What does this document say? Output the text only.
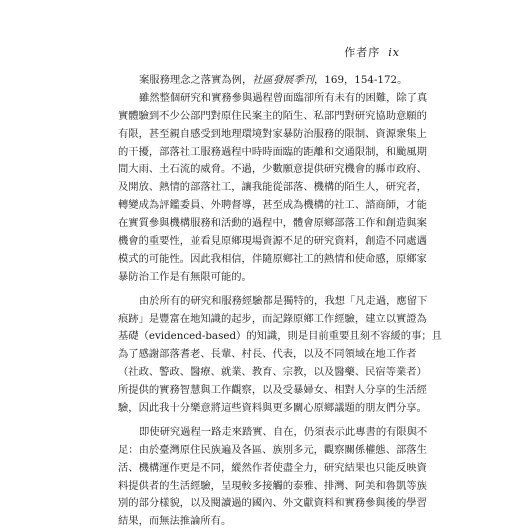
作者序 ix
案服務理念之落實為例，社區發展季刊，169，154-172。
雖然整個研究和實務參與過程曾面臨卻所有未有的困難，除了真
實體驗到不少公部門對原住民案主的陌生、私部門對研究協助意願的
有限，甚至親自感受到地理環境對家暴防治服務的限制、資源衆集上
的干擾，部落社工服務過程中時時面臨的距離和交通限制，和颱風期
間大雨、土石流的威脅。不過，少數願意提供研究機會的縣市政府、
及開放、熱情的部落社工，讓我能從部落、機構的陌生人，研究者，
轉變成為評鑑委員、外聘督導，甚至成為機構的社工、諮商師，才能
在實質參與機構服務和活動的過程中，體會原鄉部落工作和創造與案
機會的重要性，並看見原鄉現場資源不足的研究資料，創造不同處遇
模式的可能性。因此我相信，伴隨原鄉社工的熱情和使命感，原鄉家
暴防治工作是有無限可能的。
由於所有的研究和服務經驗都是獨特的，我想「凡走過，應留下
痕跡」是豐富在地知識的起步，而記錄原鄉工作經驗，建立以實證為
基礎（evidenced-based）的知識，則是目前重要且刻不容緩的事；且
為了感謝部落耆老、長輩、村長、代表，以及不同領域在地工作者
（社政、警政、醫療、就業、教育、宗教，以及醫藥、民宿等業者）
所提供的實務智慧與工作觀察，以及受暴婦女、相對人分享的生活經
驗，因此我十分樂意將這些資料與更多關心原鄉議題的朋友們分享。
即使研究過程一路走來踏實、自在，仍須表示此專書的有限與不
足：由於臺灣原住民族遍及各區、族別多元，觀察關係權態、部落生
活、機構運作更是不同，縱然作者使盡全力，研究結果也只能反映資
料提供者的生活經驗，呈現較多接觸的泰雅、排灣、阿美和魯凱等族
別的部分樣貌，以及閱讀過的國內、外文獻資料和實務參與後的學習
結果，而無法推論所有。
